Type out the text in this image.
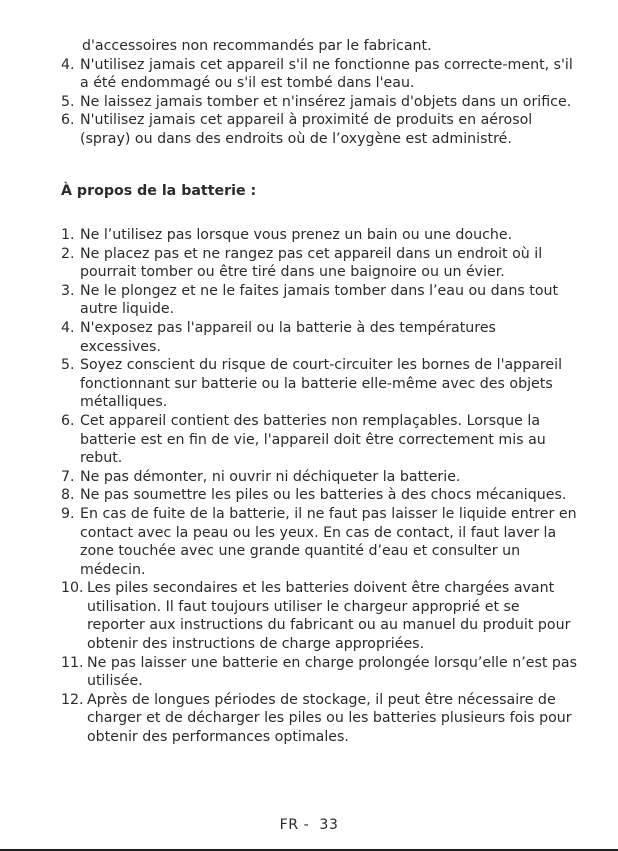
d'accessoires non recommandés par le fabricant.

4. N'utilisez jamais cet appareil s'il ne fonctionne pas correcte-ment, s'il a été endommagé ou s'il est tombé dans l'eau.
5. Ne laissez jamais tomber et n'insérez jamais d'objets dans un orifice.
6. N'utilisez jamais cet appareil à proximité de produits en aérosol (spray) ou dans des endroits où de l’oxygène est administré.
À propos de la batterie :
1. Ne l’utilisez pas lorsque vous prenez un bain ou une douche.
2. Ne placez pas et ne rangez pas cet appareil dans un endroit où il pourrait tomber ou être tiré dans une baignoire ou un évier.
3. Ne le plongez et ne le faites jamais tomber dans l’eau ou dans tout autre liquide.
4. N'exposez pas l'appareil ou la batterie à des températures excessives.
5. Soyez conscient du risque de court-circuiter les bornes de l'appareil fonctionnant sur batterie ou la batterie elle-même avec des objets métalliques.
6. Cet appareil contient des batteries non remplaçables. Lorsque la batterie est en fin de vie, l'appareil doit être correctement mis au rebut.
7. Ne pas démonter, ni ouvrir ni déchiqueter la batterie.
8. Ne pas soumettre les piles ou les batteries à des chocs mécaniques.
9. En cas de fuite de la batterie, il ne faut pas laisser le liquide entrer en contact avec la peau ou les yeux. En cas de contact, il faut laver la zone touchée avec une grande quantité d’eau et consulter un médecin.
10. Les piles secondaires et les batteries doivent être chargées avant utilisation. Il faut toujours utiliser le chargeur approprié et se reporter aux instructions du fabricant ou au manuel du produit pour obtenir des instructions de charge appropriées.
11. Ne pas laisser une batterie en charge prolongée lorsqu’elle n’est pas utilisée.
12. Après de longues périodes de stockage, il peut être nécessaire de charger et de décharger les piles ou les batteries plusieurs fois pour obtenir des performances optimales.
FR - 33
